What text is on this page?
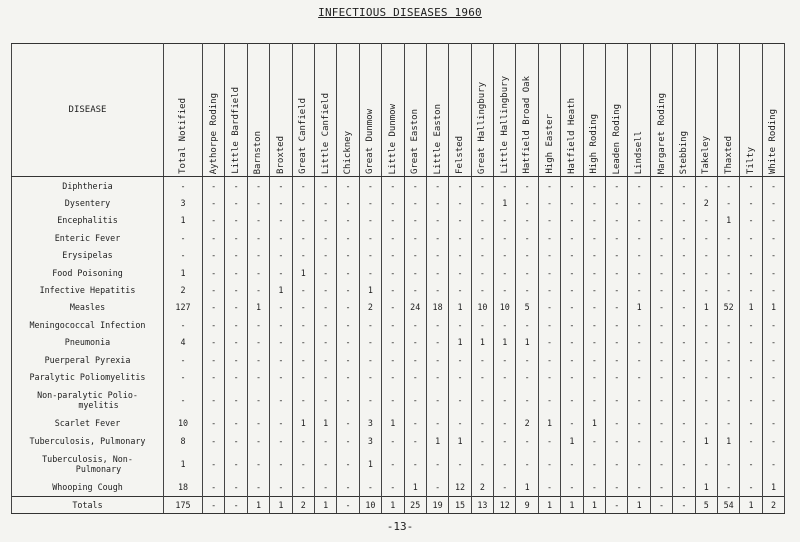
INFECTIOUS DISEASES 1960
DISEASE	Total Notified	Aythorpe Roding	Little Bardfield	Barnston	Broxted	Great Canfield	Little Canfield	Chickney	Great Dunmow	Little Dunmow	Great Easton	Little Easton	Felsted	Great Hallingbury	Little Hallingbury	Hatfield Broad Oak	High Easter	Hatfield Heath	High Roding	Leaden Roding	Lindsell	Margaret Roding	Stebbing	Takeley	Thaxted	Tilty	White Roding
Diphtheria	-	-	-	-	-	-	-	-	-	-	-	-	-	-	-	-	-	-	-	-	-	-	-	-	-	-	-
Dysentery	3	-	-	-	-	-	-	-	-	-	-	-	-	-	1	-	-	-	-	-	-	-	-	2	-	-	-
Encephalitis	1	-	-	-	-	-	-	-	-	-	-	-	-	-	-	-	-	-	-	-	-	-	-	-	1	-	-
Enteric Fever	-	-	-	-	-	-	-	-	-	-	-	-	-	-	-	-	-	-	-	-	-	-	-	-	-	-	-
Erysipelas	-	-	-	-	-	-	-	-	-	-	-	-	-	-	-	-	-	-	-	-	-	-	-	-	-	-	-
Food Poisoning	1	-	-	-	-	1	-	-	-	-	-	-	-	-	-	-	-	-	-	-	-	-	-	-	-	-	-
Infective Hepatitis	2	-	-	-	1	-	-	-	1	-	-	-	-	-	-	-	-	-	-	-	-	-	-	-	-	-	-
Measles	127	-	-	1	-	-	-	-	2	-	24	18	1	10	10	5	-	-	-	-	1	-	-	1	52	1	1
Meningococcal Infection	-	-	-	-	-	-	-	-	-	-	-	-	-	-	-	-	-	-	-	-	-	-	-	-	-	-	-
Pneumonia	4	-	-	-	-	-	-	-	-	-	-	-	1	1	1	1	-	-	-	-	-	-	-	-	-	-	-
Puerperal Pyrexia	-	-	-	-	-	-	-	-	-	-	-	-	-	-	-	-	-	-	-	-	-	-	-	-	-	-	-
Paralytic Poliomyelitis	-	-	-	-	-	-	-	-	-	-	-	-	-	-	-	-	-	-	-	-	-	-	-	-	-	-	-
Non-paralytic Polio-
myelitis	-	-	-	-	-	-	-	-	-	-	-	-	-	-	-	-	-	-	-	-	-	-	-	-	-	-	-
Scarlet Fever	10	-	-	-	-	1	1	-	3	1	-	-	-	-	-	2	1	-	1	-	-	-	-	-	-	-	-
Tuberculosis, Pulmonary	8	-	-	-	-	-	-	-	3	-	-	1	1	-	-	-	-	1	-	-	-	-	-	1	1	-	-
Tuberculosis, Non-
Pulmonary	1	-	-	-	-	-	-	-	1	-	-	-	-	-	-	-	-	-	-	-	-	-	-	-	-	-	-
Whooping Cough	18	-	-	-	-	-	-	-	-	-	1	-	12	2	-	1	-	-	-	-	-	-	-	1	-	-	1
Totals	175	-	-	1	1	2	1	-	10	1	25	19	15	13	12	9	1	1	1	-	1	-	-	5	54	1	2
-13-
